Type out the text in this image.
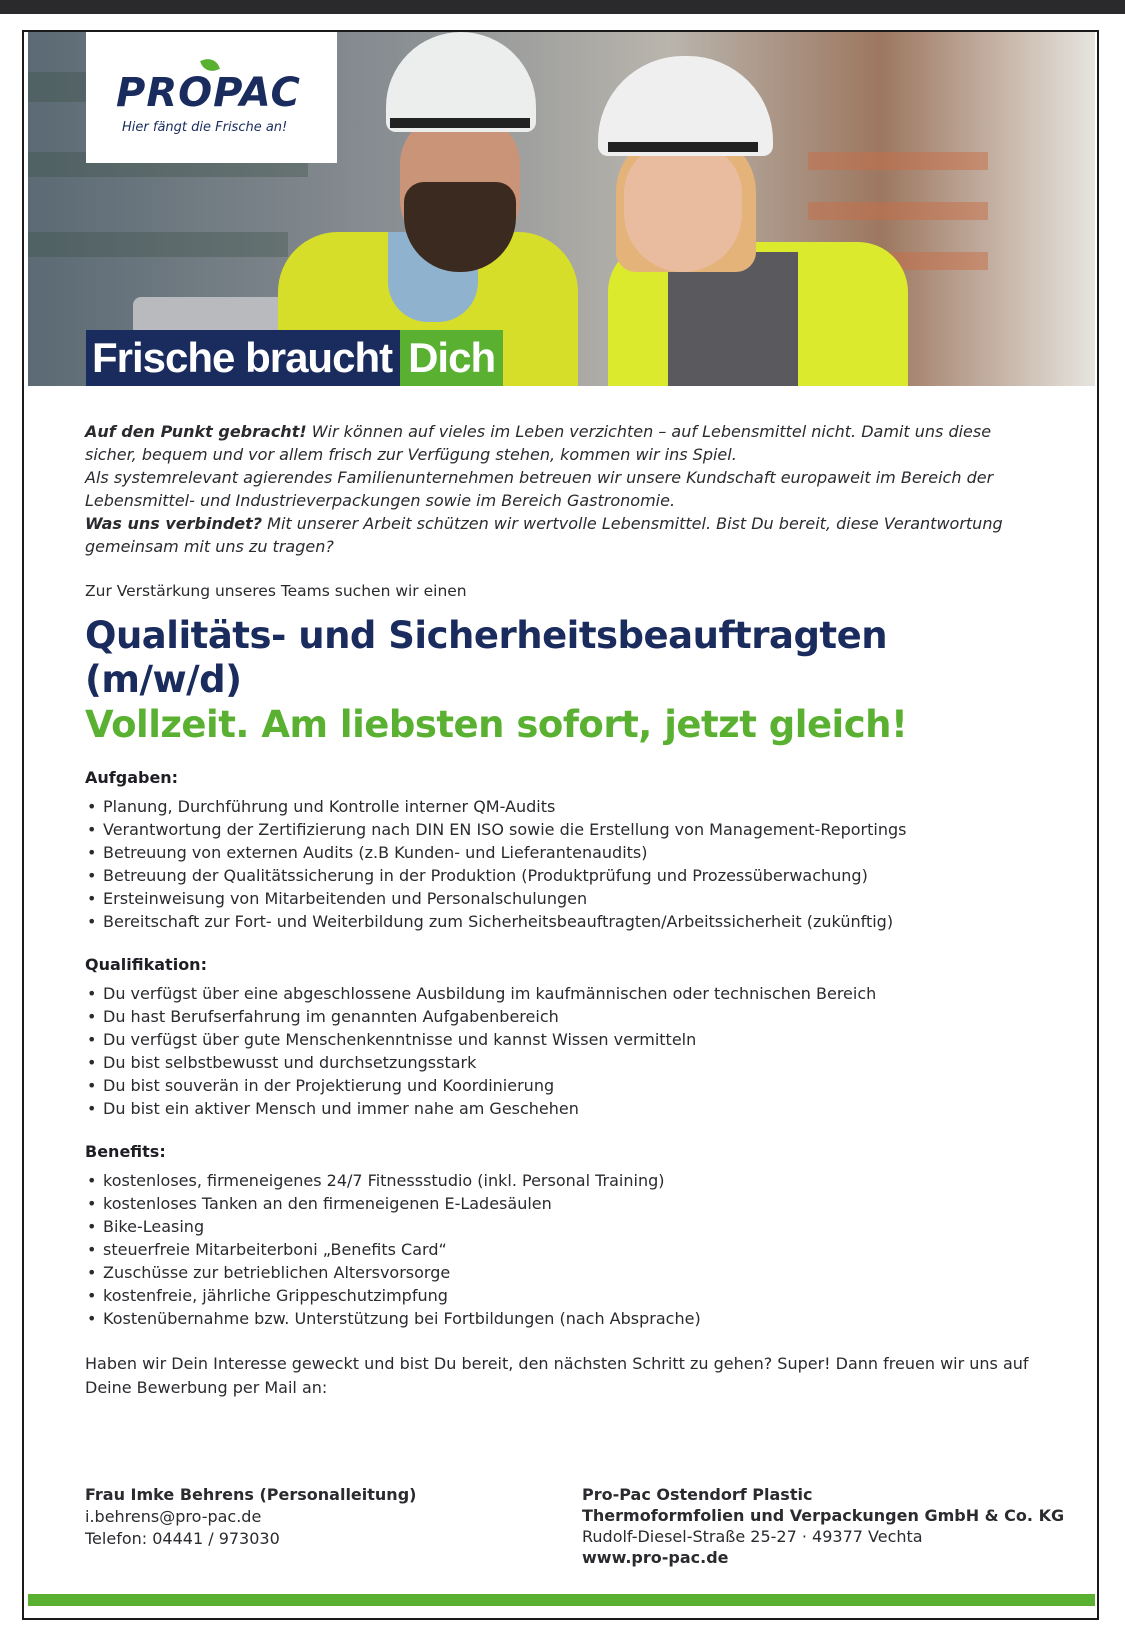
PROPAC
Hier fängt die Frische an!
Frische braucht Dich

Auf den Punkt gebracht! Wir können auf vieles im Leben verzichten – auf Lebensmittel nicht. Damit uns diese sicher, bequem und vor allem frisch zur Verfügung stehen, kommen wir ins Spiel.

Als systemrelevant agierendes Familienunternehmen betreuen wir unsere Kundschaft europaweit im Bereich der Lebensmittel- und Industrieverpackungen sowie im Bereich Gastronomie.

Was uns verbindet? Mit unserer Arbeit schützen wir wertvolle Lebensmittel. Bist Du bereit, diese Verantwortung gemeinsam mit uns zu tragen?

Zur Verstärkung unseres Teams suchen wir einen
Qualitäts- und Sicherheitsbeauftragten (m/w/d)
Vollzeit. Am liebsten sofort, jetzt gleich!
Aufgaben:
• Planung, Durchführung und Kontrolle interner QM-Audits
• Verantwortung der Zertifizierung nach DIN EN ISO sowie die Erstellung von Management-Reportings
• Betreuung von externen Audits (z.B Kunden- und Lieferantenaudits)
• Betreuung der Qualitätssicherung in der Produktion (Produktprüfung und Prozessüberwachung)
• Ersteinweisung von Mitarbeitenden und Personalschulungen
• Bereitschaft zur Fort- und Weiterbildung zum Sicherheitsbeauftragten/Arbeitssicherheit (zukünftig)
Qualifikation:
• Du verfügst über eine abgeschlossene Ausbildung im kaufmännischen oder technischen Bereich
• Du hast Berufserfahrung im genannten Aufgabenbereich
• Du verfügst über gute Menschenkenntnisse und kannst Wissen vermitteln
• Du bist selbstbewusst und durchsetzungsstark
• Du bist souverän in der Projektierung und Koordinierung
• Du bist ein aktiver Mensch und immer nahe am Geschehen
Benefits:
• kostenloses, firmeneigenes 24/7 Fitnessstudio (inkl. Personal Training)
• kostenloses Tanken an den firmeneigenen E-Ladesäulen
• Bike-Leasing
• steuerfreie Mitarbeiterboni „Benefits Card“
• Zuschüsse zur betrieblichen Altersvorsorge
• kostenfreie, jährliche Grippeschutzimpfung
• Kostenübernahme bzw. Unterstützung bei Fortbildungen (nach Absprache)
Haben wir Dein Interesse geweckt und bist Du bereit, den nächsten Schritt zu gehen? Super! Dann freuen wir uns auf Deine Bewerbung per Mail an:
Frau Imke Behrens (Personalleitung)
i.behrens@pro-pac.de
Telefon: 04441 / 973030
Pro-Pac Ostendorf Plastic
Thermoformfolien und Verpackungen GmbH & Co. KG
Rudolf-Diesel-Straße 25-27 · 49377 Vechta
www.pro-pac.de
